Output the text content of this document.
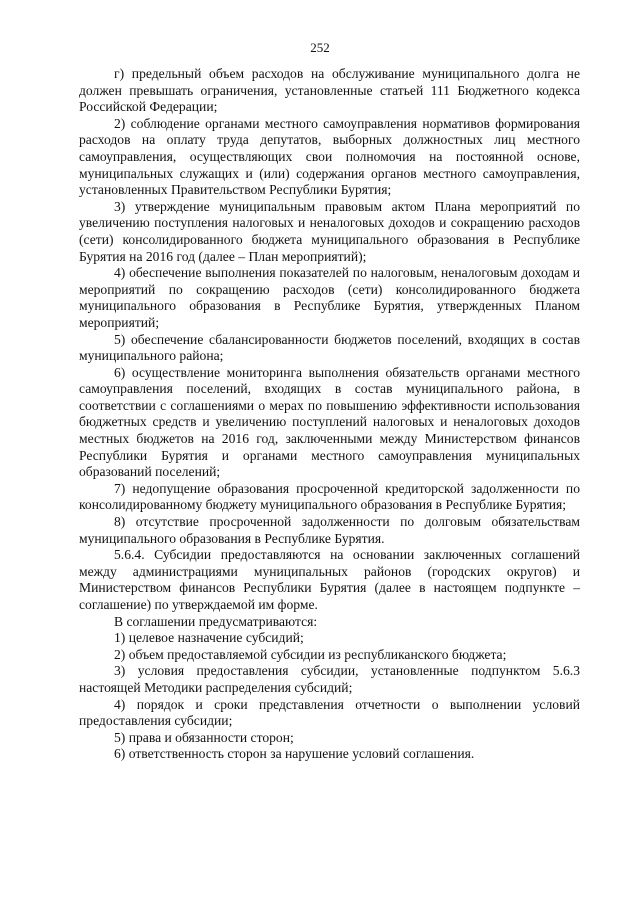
252

г) предельный объем расходов на обслуживание муниципального долга не должен превышать ограничения, установленные статьей 111 Бюджетного кодекса Российской Федерации;

2) соблюдение органами местного самоуправления нормативов формирования расходов на оплату труда депутатов, выборных должностных лиц местного самоуправления, осуществляющих свои полномочия на постоянной основе, муниципальных служащих и (или) содержания органов местного самоуправления, установленных Правительством Республики Бурятия;

3) утверждение муниципальным правовым актом Плана мероприятий по увеличению поступления налоговых и неналоговых доходов и сокращению расходов (сети) консолидированного бюджета муниципального образования в Республике Бурятия на 2016 год (далее – План мероприятий);

4) обеспечение выполнения показателей по налоговым, неналоговым доходам и мероприятий по сокращению расходов (сети) консолидированного бюджета муниципального образования в Республике Бурятия, утвержденных Планом мероприятий;

5) обеспечение сбалансированности бюджетов поселений, входящих в состав муниципального района;

6) осуществление мониторинга выполнения обязательств органами местного самоуправления поселений, входящих в состав муниципального района, в соответствии с соглашениями о мерах по повышению эффективности использования бюджетных средств и увеличению поступлений налоговых и неналоговых доходов местных бюджетов на 2016 год, заключенными между Министерством финансов Республики Бурятия и органами местного самоуправления муниципальных образований поселений;

7) недопущение образования просроченной кредиторской задолженности по консолидированному бюджету муниципального образования в Республике Бурятия;

8) отсутствие просроченной задолженности по долговым обязательствам муниципального образования в Республике Бурятия.

5.6.4. Субсидии предоставляются на основании заключенных соглашений между администрациями муниципальных районов (городских округов) и Министерством финансов Республики Бурятия (далее в настоящем подпункте – соглашение) по утверждаемой им форме.

В соглашении предусматриваются:

1) целевое назначение субсидий;

2) объем предоставляемой субсидии из республиканского бюджета;

3) условия предоставления субсидии, установленные подпунктом 5.6.3 настоящей Методики распределения субсидий;

4) порядок и сроки представления отчетности о выполнении условий предоставления субсидии;

5) права и обязанности сторон;

6) ответственность сторон за нарушение условий соглашения.
